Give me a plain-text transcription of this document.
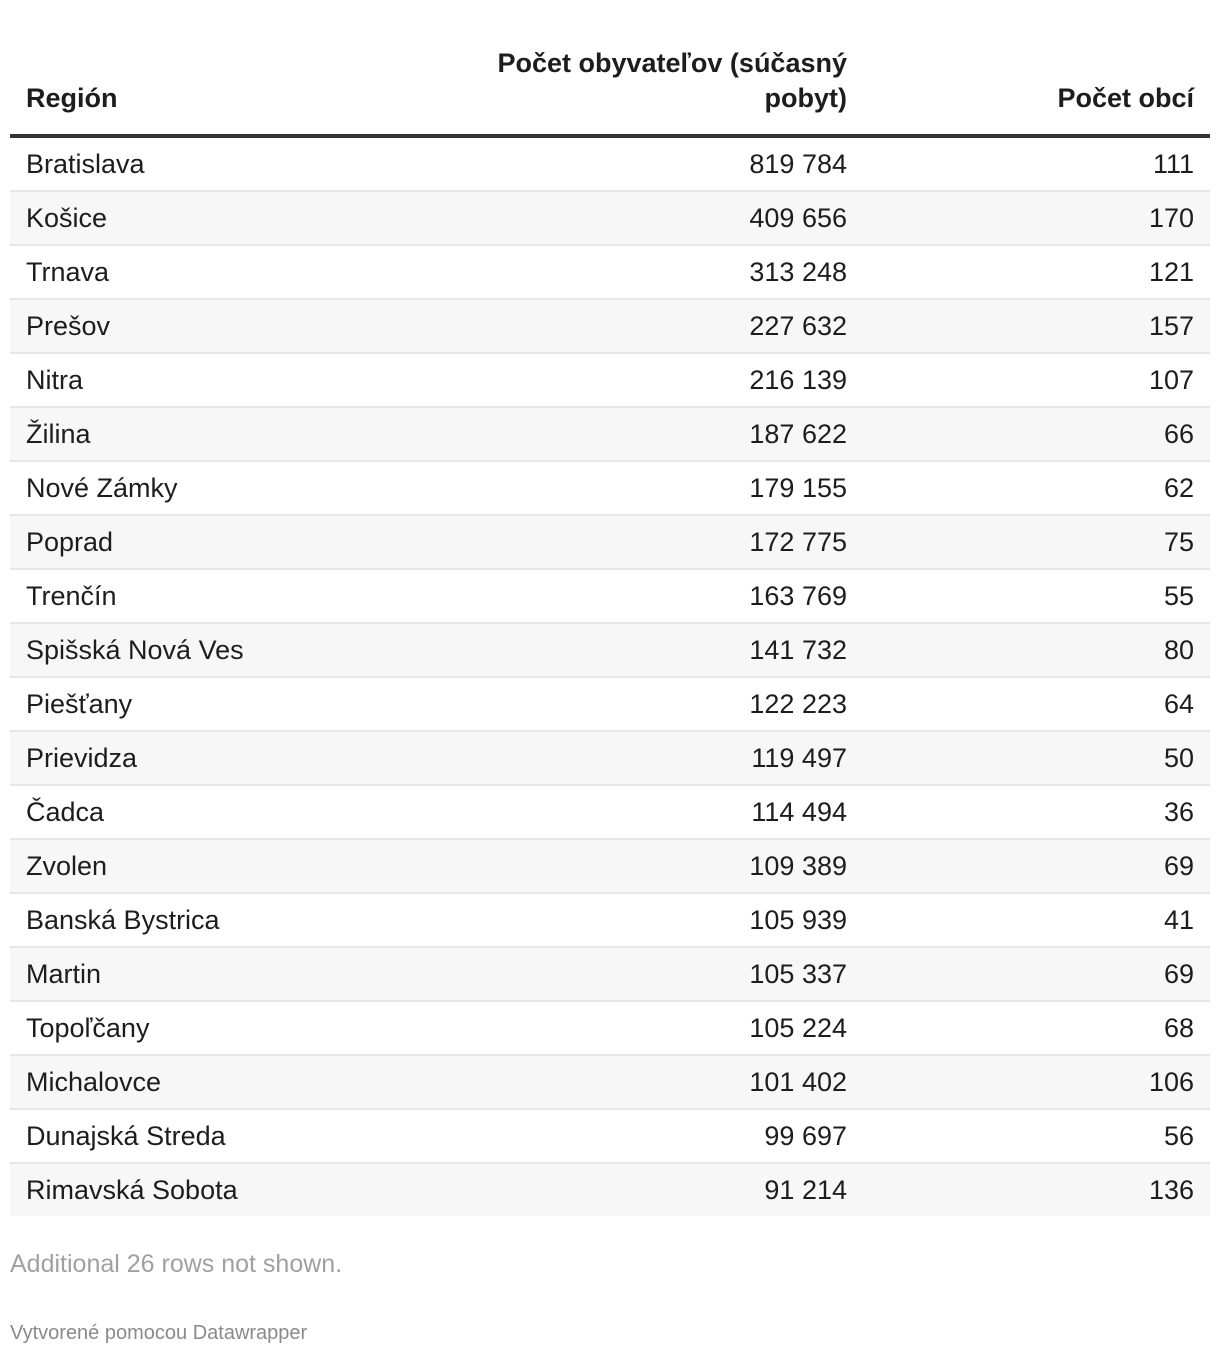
Región	Počet obyvateľov (súčasný pobyt)	Počet obcí
Bratislava	819 784	111
Košice	409 656	170
Trnava	313 248	121
Prešov	227 632	157
Nitra	216 139	107
Žilina	187 622	66
Nové Zámky	179 155	62
Poprad	172 775	75
Trenčín	163 769	55
Spišská Nová Ves	141 732	80
Piešťany	122 223	64
Prievidza	119 497	50
Čadca	114 494	36
Zvolen	109 389	69
Banská Bystrica	105 939	41
Martin	105 337	69
Topoľčany	105 224	68
Michalovce	101 402	106
Dunajská Streda	99 697	56
Rimavská Sobota	91 214	136
Additional 26 rows not shown.
Vytvorené pomocou Datawrapper
